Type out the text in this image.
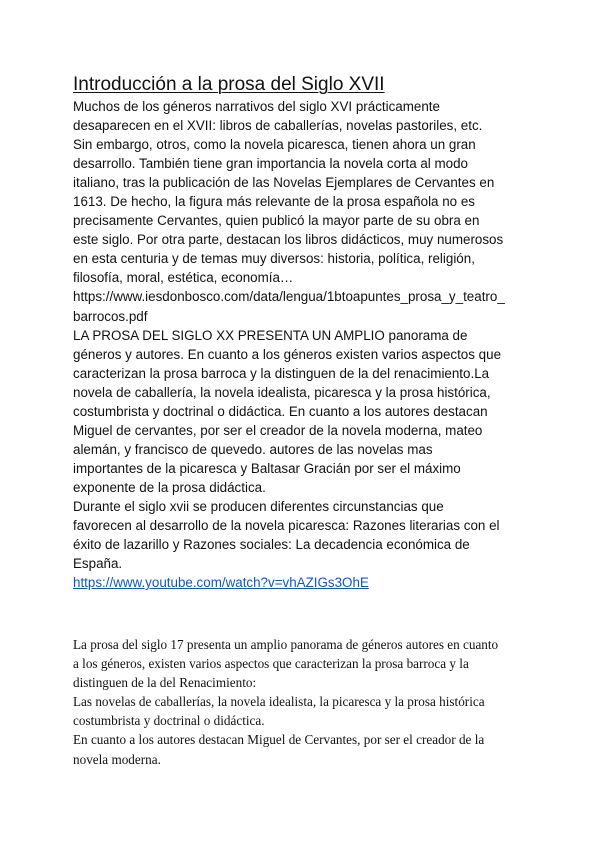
Introducción a la prosa del Siglo XVII
Muchos de los géneros narrativos del siglo XVI prácticamente
desaparecen en el XVII: libros de caballerías, novelas pastoriles, etc.
Sin embargo, otros, como la novela picaresca, tienen ahora un gran
desarrollo. También tiene gran importancia la novela corta al modo
italiano, tras la publicación de las Novelas Ejemplares de Cervantes en
1613. De hecho, la figura más relevante de la prosa española no es
precisamente Cervantes, quien publicó la mayor parte de su obra en
este siglo. Por otra parte, destacan los libros didácticos, muy numerosos
en esta centuria y de temas muy diversos: historia, política, religión,
filosofía, moral, estética, economía…
https://www.iesdonbosco.com/data/lengua/1btoapuntes_prosa_y_teatro_
barrocos.pdf
LA PROSA DEL SIGLO XX PRESENTA UN AMPLIO panorama de
géneros y autores. En cuanto a los géneros existen varios aspectos que
caracterizan la prosa barroca y la distinguen de la del renacimiento.La
novela de caballería, la novela idealista, picaresca y la prosa histórica,
costumbrista y doctrinal o didáctica. En cuanto a los autores destacan
Miguel de cervantes, por ser el creador de la novela moderna, mateo
alemán, y francisco de quevedo. autores de las novelas mas
importantes de la picaresca y Baltasar Gracián por ser el máximo
exponente de la prosa didáctica.
Durante el siglo xvii se producen diferentes circunstancias que
favorecen al desarrollo de la novela picaresca: Razones literarias con el
éxito de lazarillo y Razones sociales: La decadencia económica de
España.
https://www.youtube.com/watch?v=vhAZIGs3OhE
La prosa del siglo 17 presenta un amplio panorama de géneros autores en cuanto
a los géneros, existen varios aspectos que caracterizan la prosa barroca y la
distinguen de la del Renacimiento:
Las novelas de caballerías, la novela idealista, la picaresca y la prosa histórica
costumbrista y doctrinal o didáctica.
En cuanto a los autores destacan Miguel de Cervantes, por ser el creador de la
novela moderna.
